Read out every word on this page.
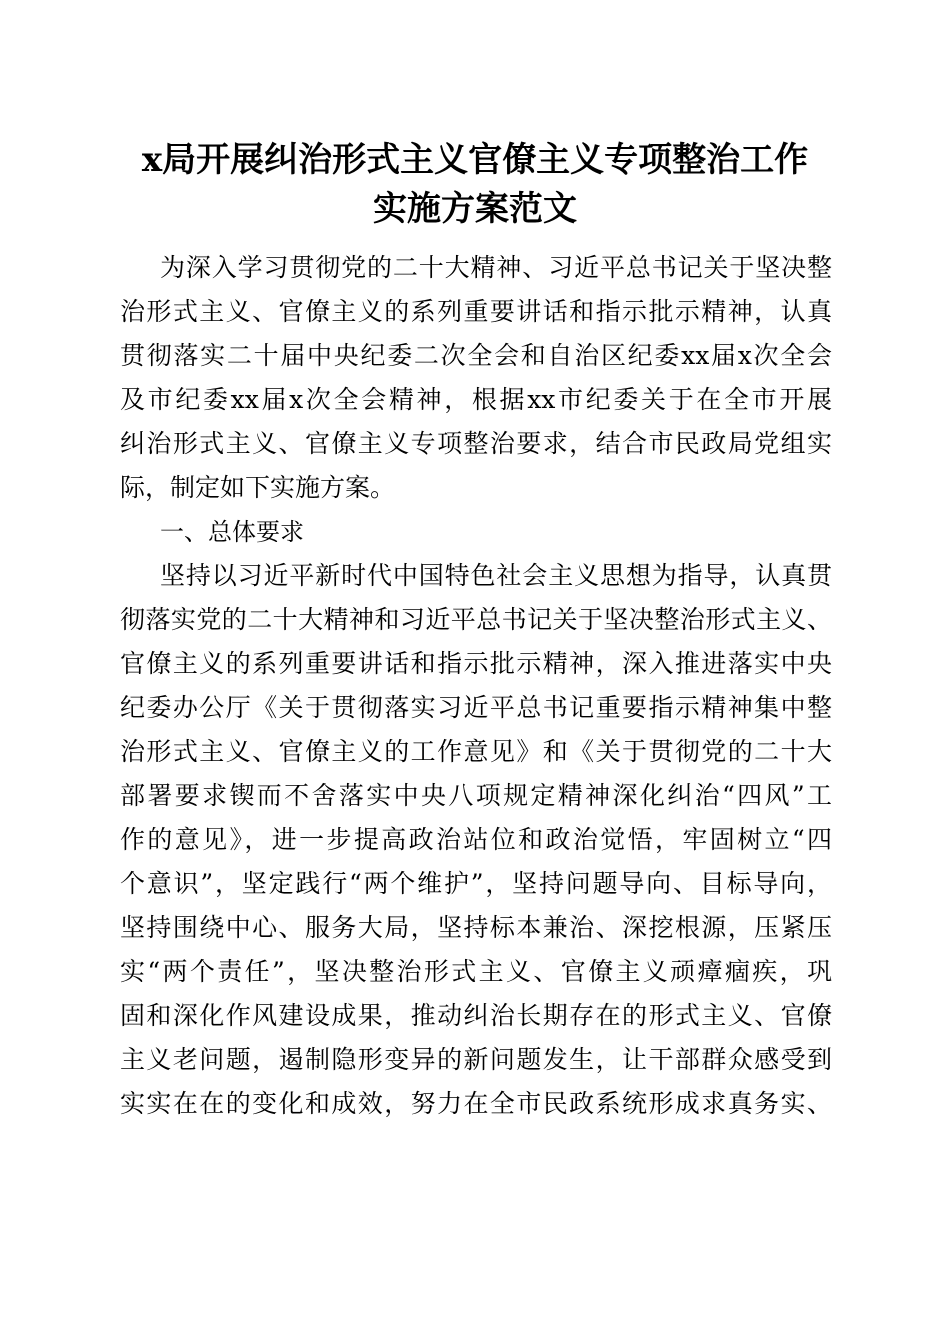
x局开展纠治形式主义官僚主义专项整治工作
实施方案范文

为深入学习贯彻党的二十大精神、习近平总书记关于坚决整
治形式主义、官僚主义的系列重要讲话和指示批示精神，认真
贯彻落实二十届中央纪委二次全会和自治区纪委xx届x次全会
及市纪委xx届x次全会精神，根据xx市纪委关于在全市开展
纠治形式主义、官僚主义专项整治要求，结合市民政局党组实
际，制定如下实施方案。

一、总体要求

坚持以习近平新时代中国特色社会主义思想为指导，认真贯
彻落实党的二十大精神和习近平总书记关于坚决整治形式主义、
官僚主义的系列重要讲话和指示批示精神，深入推进落实中央
纪委办公厅《关于贯彻落实习近平总书记重要指示精神集中整
治形式主义、官僚主义的工作意见》和《关于贯彻党的二十大
部署要求锲而不舍落实中央八项规定精神深化纠治“四风”工
作的意见》，进一步提高政治站位和政治觉悟，牢固树立“四
个意识”，坚定践行“两个维护”，坚持问题导向、目标导向，
坚持围绕中心、服务大局，坚持标本兼治、深挖根源，压紧压
实“两个责任”，坚决整治形式主义、官僚主义顽瘴痼疾，巩
固和深化作风建设成果，推动纠治长期存在的形式主义、官僚
主义老问题，遏制隐形变异的新问题发生，让干部群众感受到
实实在在的变化和成效，努力在全市民政系统形成求真务实、
